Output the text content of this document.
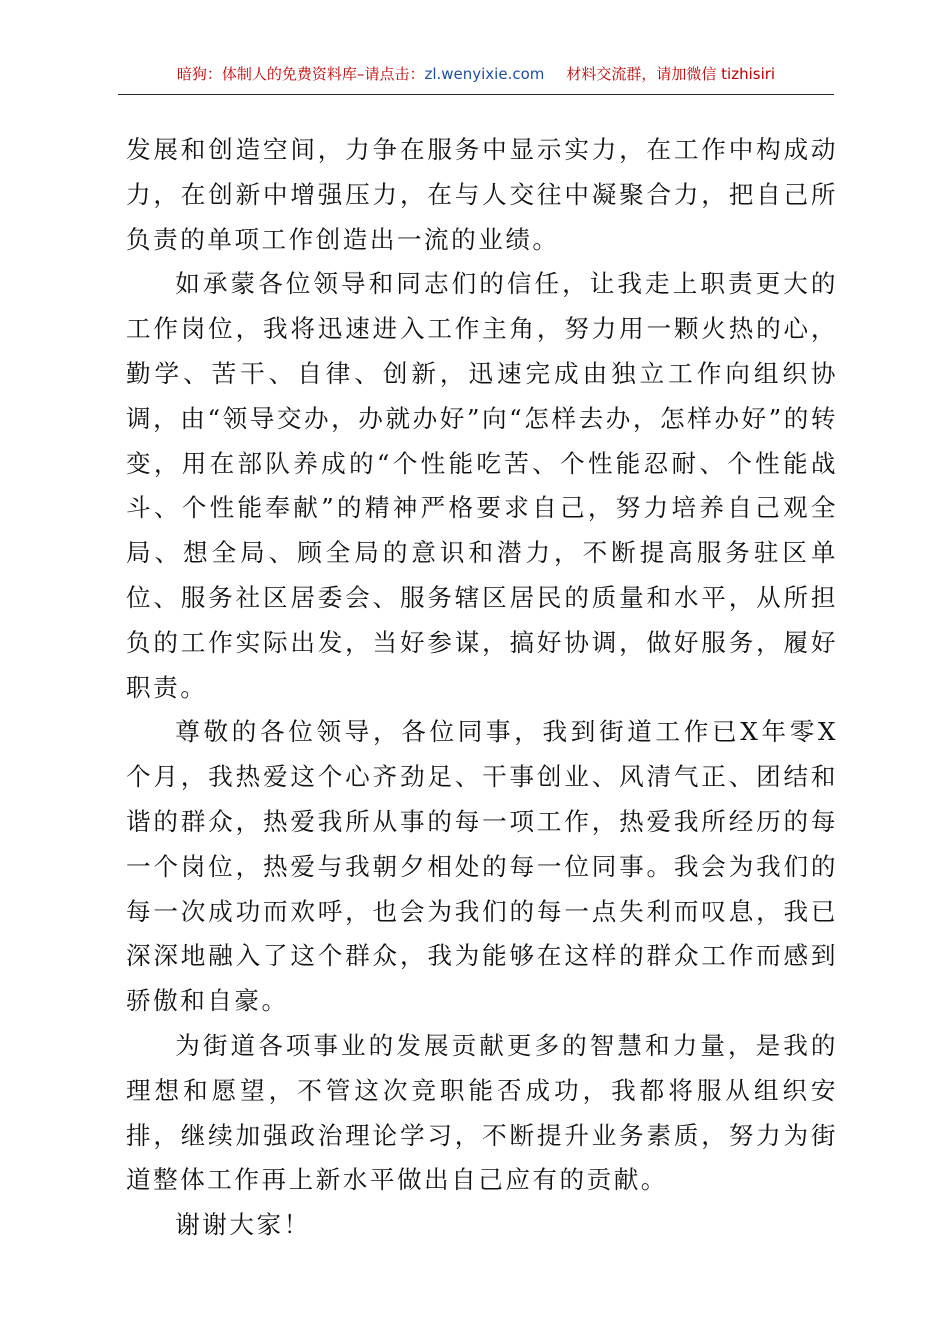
暗狗：体制人的免费资料库–请点击：zl.wenyixie.com 材料交流群，请加微信 tizhisiri

发展和创造空间，力争在服务中显示实力，在工作中构成动力，在创新中增强压力，在与人交往中凝聚合力，把自己所负责的单项工作创造出一流的业绩。

如承蒙各位领导和同志们的信任，让我走上职责更大的工作岗位，我将迅速进入工作主角，努力用一颗火热的心，勤学、苦干、自律、创新，迅速完成由独立工作向组织协调，由“领导交办，办就办好”向“怎样去办，怎样办好”的转变，用在部队养成的“个性能吃苦、个性能忍耐、个性能战斗、个性能奉献”的精神严格要求自己，努力培养自己观全局、想全局、顾全局的意识和潜力，不断提高服务驻区单位、服务社区居委会、服务辖区居民的质量和水平，从所担负的工作实际出发，当好参谋，搞好协调，做好服务，履好职责。

尊敬的各位领导，各位同事，我到街道工作已X年零X个月，我热爱这个心齐劲足、干事创业、风清气正、团结和谐的群众，热爱我所从事的每一项工作，热爱我所经历的每一个岗位，热爱与我朝夕相处的每一位同事。我会为我们的每一次成功而欢呼，也会为我们的每一点失利而叹息，我已深深地融入了这个群众，我为能够在这样的群众工作而感到骄傲和自豪。

为街道各项事业的发展贡献更多的智慧和力量，是我的理想和愿望，不管这次竞职能否成功，我都将服从组织安排，继续加强政治理论学习，不断提升业务素质，努力为街道整体工作再上新水平做出自己应有的贡献。

谢谢大家！
